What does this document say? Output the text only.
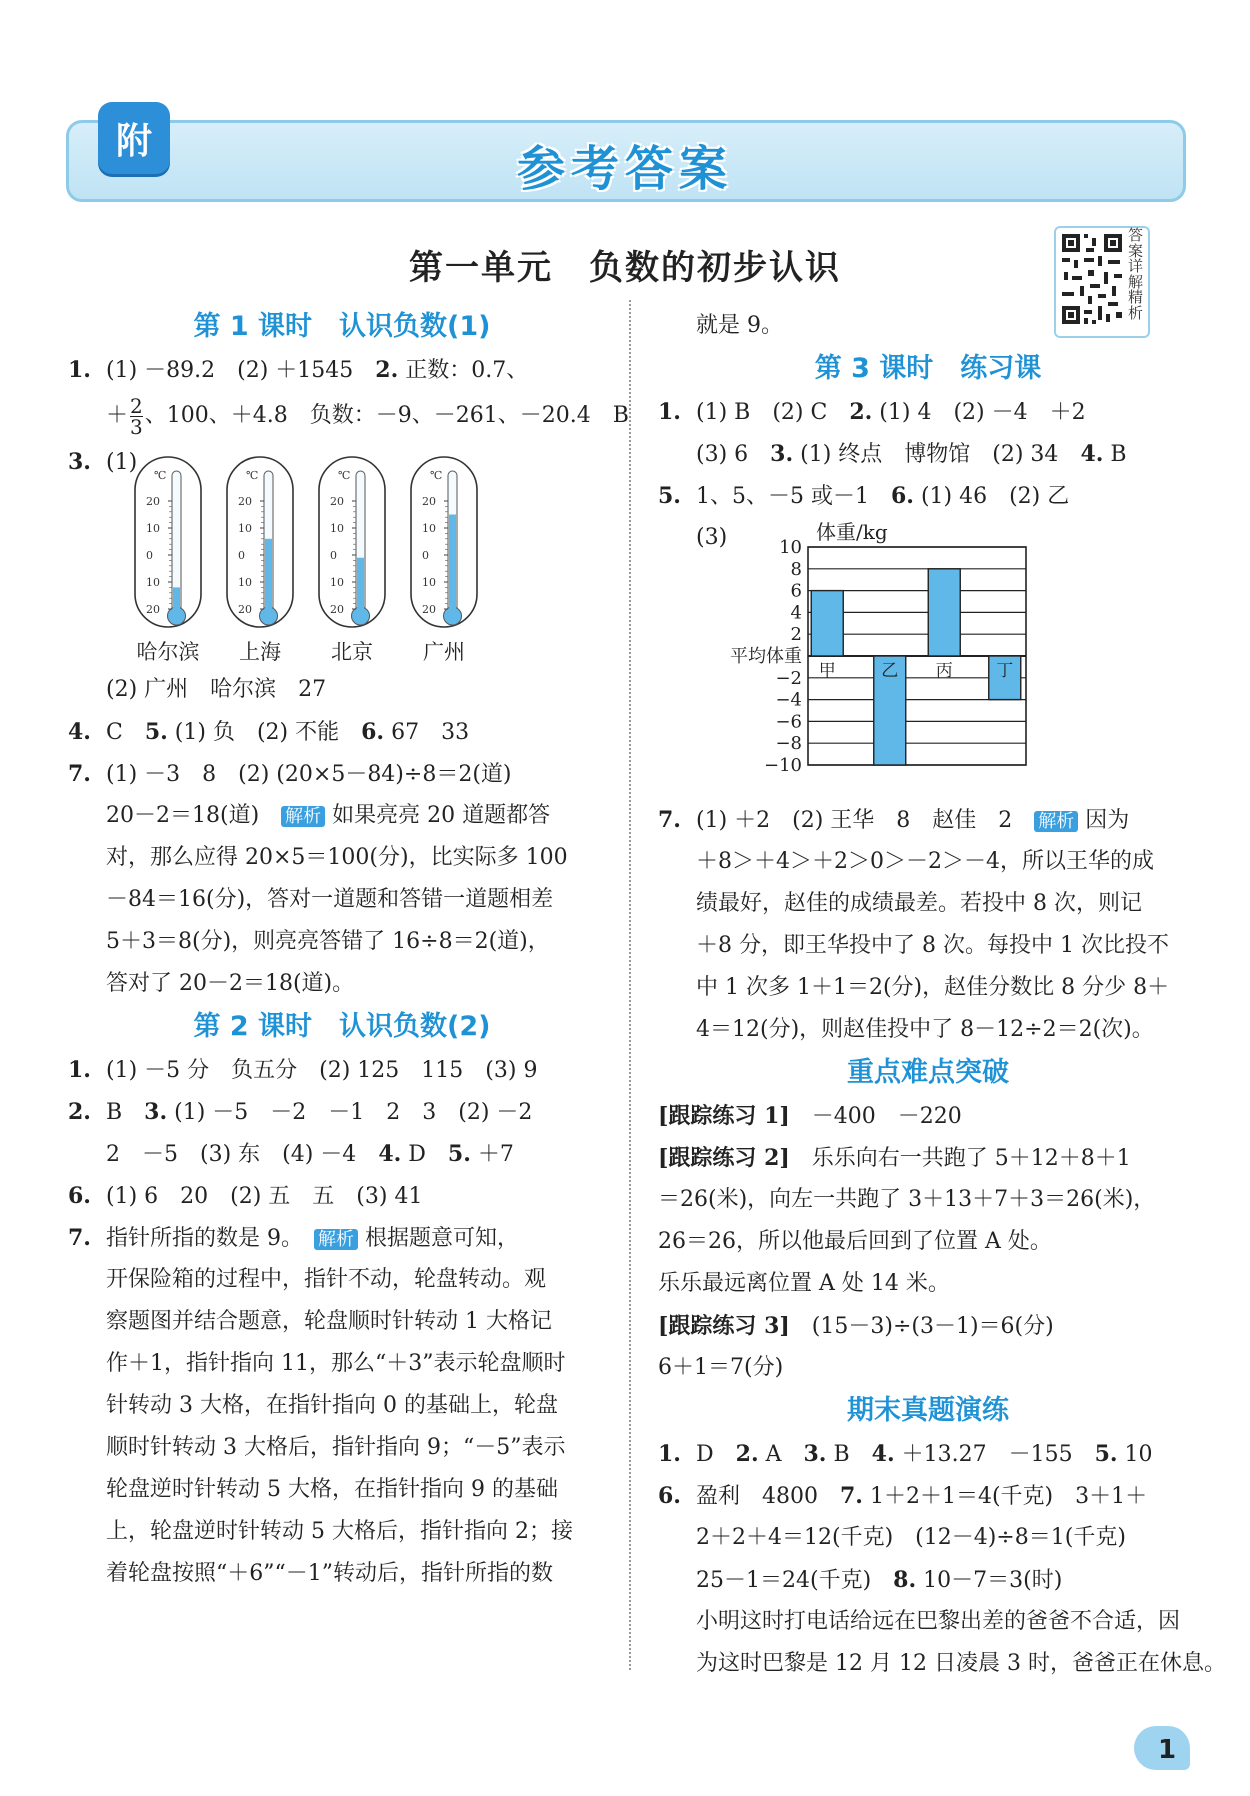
附	参考答案
第一单元　负数的初步认识
答案详解精析
第 1 课时　认识负数(1)
1. (1) －89.2　(2) ＋1545　2. 正数：0.7、
＋ $\frac{2}{3}$ 、100、＋4.8　负数：－9、－261、－20.4　B
3. (1)
℃
20
10
0
10
20
哈尔滨
℃
20
10
0
10
20
上海
℃
20
10
0
10
20
北京
℃
20
10
0
10
20
广州
(2) 广州　哈尔滨　27
4. C　5. (1) 负　(2) 不能　6. 67　33
7. (1) －3　8　(2) (20×5－84)÷8＝2(道)
20－2＝18(道)　解析 如果亮亮 20 道题都答
对，那么应得 20×5＝100(分)，比实际多 100
－84＝16(分)，答对一道题和答错一道题相差
5＋3＝8(分)，则亮亮答错了 16÷8＝2(道)，
答对了 20－2＝18(道)。
第 2 课时　认识负数(2)
1. (1) －5 分　负五分　(2) 125　115　(3) 9
2. B　3. (1) －5　－2　－1　2　3　(2) －2
2　－5　(3) 东　(4) －4　4. D　5. ＋7
6. (1) 6　20　(2) 五　五　(3) 41
7. 指针所指的数是 9。　解析 根据题意可知，
开保险箱的过程中，指针不动，轮盘转动。观
察题图并结合题意，轮盘顺时针转动 1 大格记
作＋1，指针指向 11，那么“＋3”表示轮盘顺时
针转动 3 大格，在指针指向 0 的基础上，轮盘
顺时针转动 3 大格后，指针指向 9；“－5”表示
轮盘逆时针转动 5 大格，在指针指向 9 的基础
上，轮盘逆时针转动 5 大格后，指针指向 2；接
着轮盘按照“＋6”“－1”转动后，指针所指的数
就是 9。
第 3 课时　练习课
1. (1) B　(2) C　2. (1) 4　(2) －4　＋2
(3) 6　3. (1) 终点　博物馆　(2) 34　4. B
5. 1、5、－5 或－1　6. (1) 46　(2) 乙
(3)	体重/kg
10
8
6
4
2
−2
−4
−6
−8
−10
平均体重
甲	乙 丙	丁
7. (1) ＋2　(2) 王华　8　赵佳　2　解析 因为
＋8＞＋4＞＋2＞0＞－2＞－4，所以王华的成
绩最好，赵佳的成绩最差。若投中 8 次，则记
＋8 分，即王华投中了 8 次。每投中 1 次比投不
中 1 次多 1＋1＝2(分)，赵佳分数比 8 分少 8＋
4＝12(分)，则赵佳投中了 8－12÷2＝2(次)。
重点难点突破
[跟踪练习 1]　－400　－220
[跟踪练习 2]　乐乐向右一共跑了 5＋12＋8＋1
＝26(米)，向左一共跑了 3＋13＋7＋3＝26(米)，
26＝26，所以他最后回到了位置 A 处。
乐乐最远离位置 A 处 14 米。
[跟踪练习 3]　(15－3)÷(3－1)＝6(分)
6＋1＝7(分)
期末真题演练
1. D　2. A　3. B　4. ＋13.27　－155　5. 10
6. 盈利　4800　7. 1＋2＋1＝4(千克)　3＋1＋
2＋2＋4＝12(千克)　(12－4)÷8＝1(千克)
25－1＝24(千克)　8. 10－7＝3(时)
小明这时打电话给远在巴黎出差的爸爸不合适，因
为这时巴黎是 12 月 12 日凌晨 3 时，爸爸正在休息。
1
